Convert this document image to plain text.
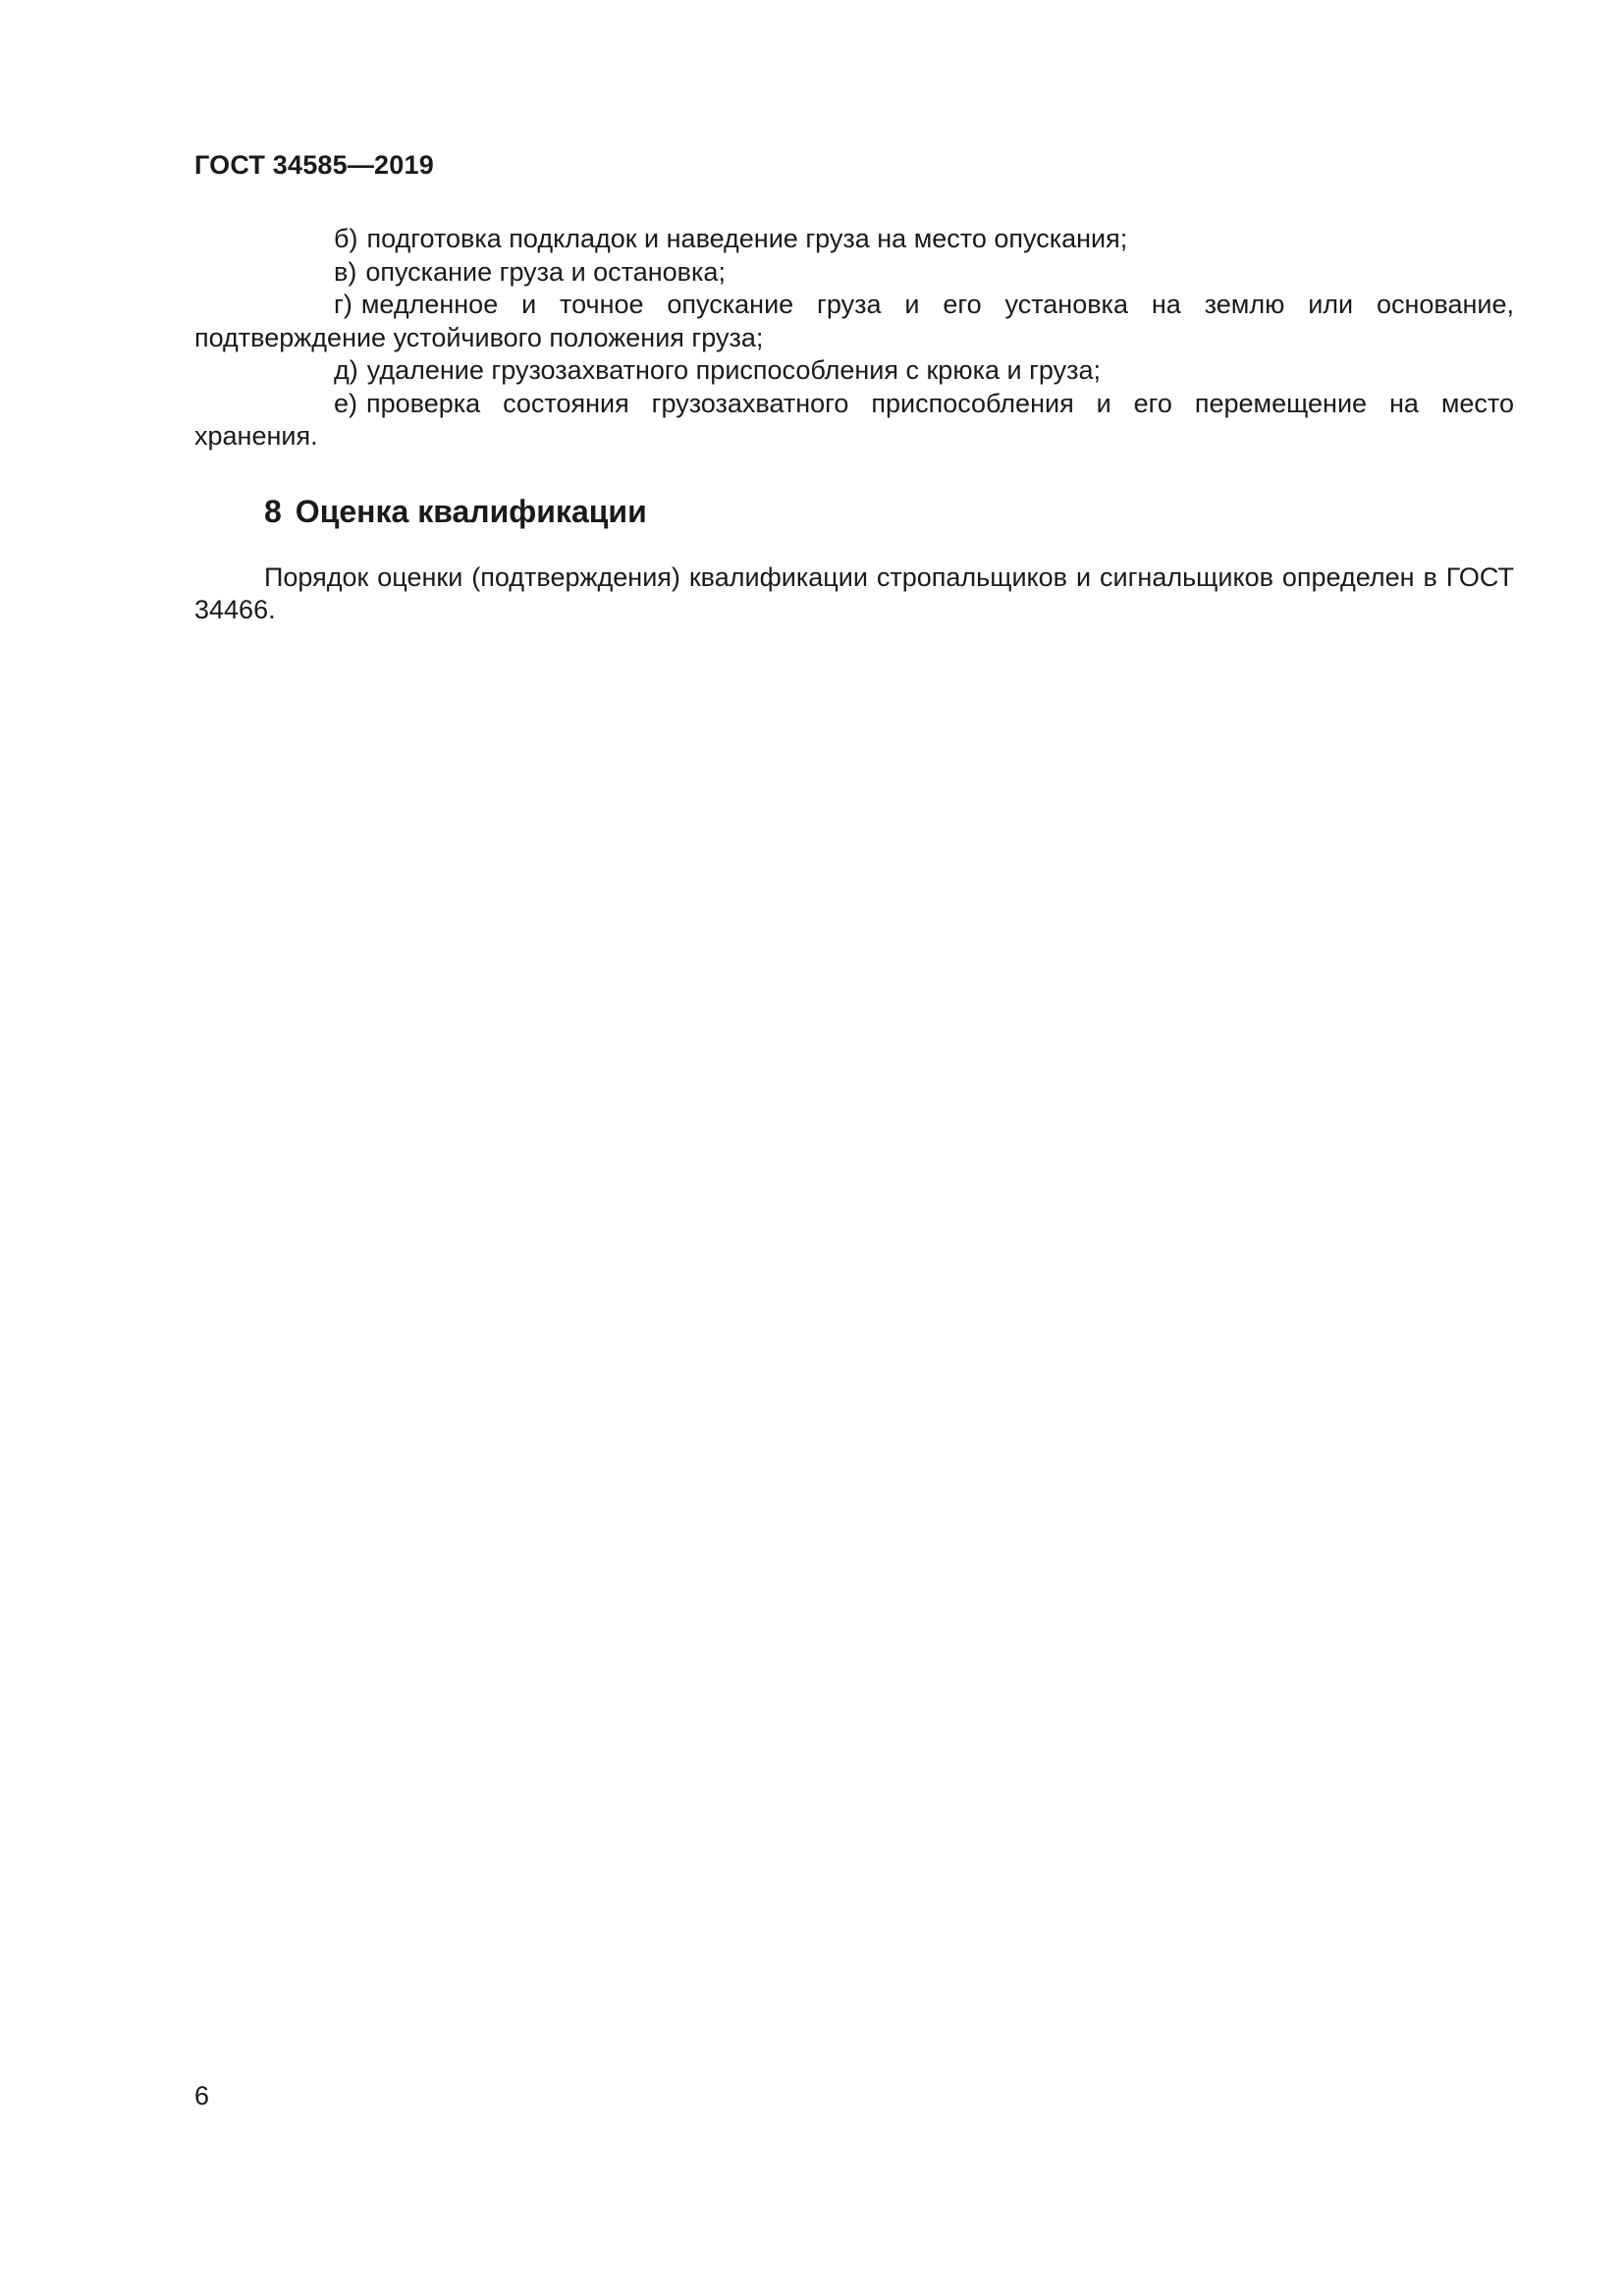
ГОСТ 34585—2019

б) подготовка подкладок и наведение груза на место опускания;

в) опускание груза и остановка;

г) медленное и точное опускание груза и его установка на землю или основание, подтверждение устойчивого положения груза;

д) удаление грузозахватного приспособления с крюка и груза;

е) проверка состояния грузозахватного приспособления и его перемещение на место хранения.

8 Оценка квалификации

Порядок оценки (подтверждения) квалификации стропальщиков и сигнальщиков определен в ГОСТ 34466.

6
